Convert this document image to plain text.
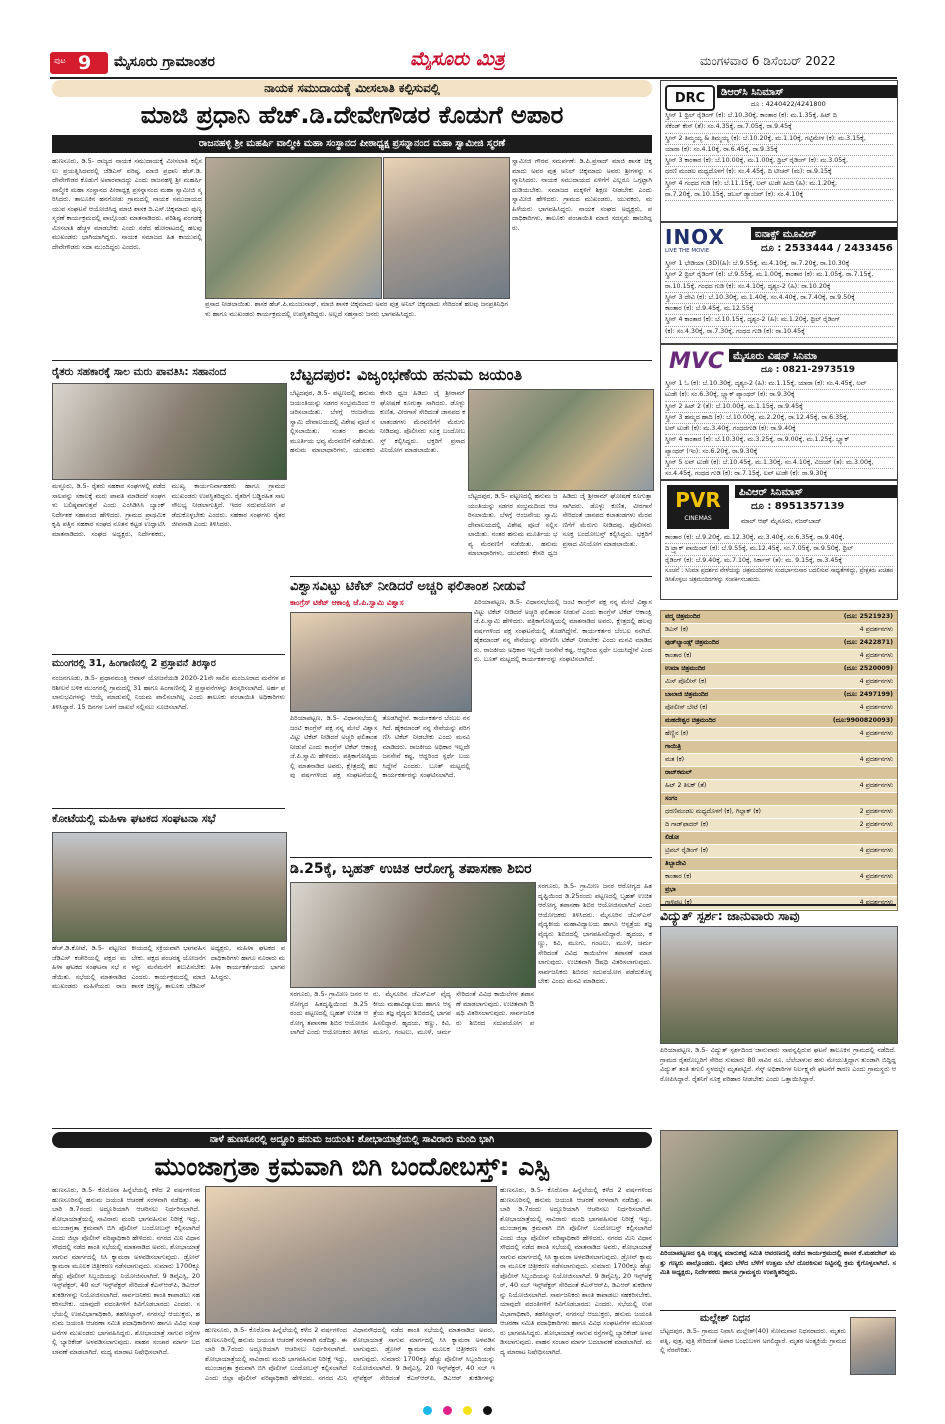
ಪುಟ 9 ಮೈಸೂರು ಗ್ರಾಮಾಂತರ	ಮೈಸೂರು ಮಿತ್ರ	ಮಂಗಳವಾರ 6 ಡಿಸೆಂಬರ್ 2022
ನಾಯಕ ಸಮುದಾಯಕ್ಕೆ ಮೀಸಲಾತಿ ಕಲ್ಪಿಸುವಲ್ಲಿ
ಮಾಜಿ ಪ್ರಧಾನಿ ಹೆಚ್.ಡಿ.ದೇವೇಗೌಡರ ಕೊಡುಗೆ ಅಪಾರ
ರಾಜನಹಳ್ಳಿ ಶ್ರೀ ಮಹರ್ಷಿ ವಾಲ್ಮೀಕಿ ಮಹಾ ಸಂಸ್ಥಾನದ ಪೀಠಾಧ್ಯಕ್ಷ ಪ್ರಸನ್ನಾನಂದ ಮಹಾ ಸ್ವಾಮೀಜಿ ಸ್ಮರಣೆ
ಹುಣಸೂರು, ಡಿ.5- ರಾಜ್ಯದ ನಾಯಕ ಸಮುದಾಯಕ್ಕೆ ಮೀಸಲಾತಿ ಕಲ್ಪಿಸಲು ಪ್ರಯತ್ನಿಸಿದವರಲ್ಲಿ ಜೆಡಿಎಸ್ ವರಿಷ್ಠ, ಮಾಜಿ ಪ್ರಧಾನಿ ಹೆಚ್.ಡಿ.ದೇವೇಗೌಡರ ಕೊಡುಗೆ ಅಪಾರವಾದದ್ದು ಎಂದು ರಾಜನಹಳ್ಳಿ ಶ್ರೀ ಮಹರ್ಷಿ ವಾಲ್ಮೀಕಿ ಮಹಾ ಸಂಸ್ಥಾನದ ಪೀಠಾಧ್ಯಕ್ಷ ಪ್ರಸನ್ನಾನಂದ ಮಹಾ ಸ್ವಾಮೀಜಿ ಸ್ಮರಿಸಿದರು. ತಾಲೂಕಿನ ಹನಗೋಡು ಗ್ರಾಮದಲ್ಲಿ ನಾಯಕ ಸಮುದಾಯದ ಯುವ ಸಂಘಟನೆ ಆಯೋಜಿಸಿದ್ದ ಮಾಜಿ ಶಾಸಕ ದಿ.ಎಸ್.ಚಿಕ್ಕಮಾದು ಪುಣ್ಯಸ್ಮರಣೆ ಕಾರ್ಯಕ್ರಮದಲ್ಲಿ ಪಾಲ್ಗೊಂಡು ಮಾತನಾಡಿದರು. ಪರಿಶಿಷ್ಟ ಪಂಗಡಕ್ಕೆ ಮೀಸಲಾತಿ ಹೆಚ್ಚಳ ಮಾಡಬೇಕು ಎಂದು ನಡೆದ ಹೋರಾಟದಲ್ಲಿ ಹಲವು ಮುಖಂಡರು ಭಾಗಿಯಾಗಿದ್ದರು. ನಾಯಕ ಸಮಾಜದ ಹಿತ ಕಾಯುವಲ್ಲಿ ದೇವೇಗೌಡರು ಸದಾ ಮುಂದಿದ್ದರು ಎಂದರು.
ಪ್ರಸಾದ ನೀಡಲಾಯಿತು. ಶಾಸಕ ಹೆಚ್.ಪಿ.ಮಂಜುನಾಥ್, ಮಾಜಿ ಶಾಸಕ ಚಿಕ್ಕಮಾದು ಅವರ ಪುತ್ರ ಅನಿಲ್ ಚಿಕ್ಕಮಾದು ಸೇರಿದಂತೆ ಹಲವು ಜನಪ್ರತಿನಿಧಿಗಳು ಹಾಗೂ ಮುಖಂಡರು ಕಾರ್ಯಕ್ರಮದಲ್ಲಿ ಉಪಸ್ಥಿತರಿದ್ದರು. ಅಲ್ಲದೆ ಸಹಸ್ರಾರು ಜನರು ಭಾಗವಹಿಸಿದ್ದರು.
ಸ್ವಾಮೀಜಿ ಗೌರವ ಸಮರ್ಪಣೆ: ಡಿ.ಪಿ.ಪ್ರಸಾದ್ ಮಾಜಿ ಶಾಸಕ ಚಿಕ್ಕಮಾದು ಅವರ ಪುತ್ರ ಅನಿಲ್ ಚಿಕ್ಕಮಾದು ಅವರು ಶ್ರೀಗಳನ್ನು ಸನ್ಮಾನಿಸಿದರು. ನಾಯಕ ಸಮುದಾಯದ ಏಳಿಗೆಗೆ ಎಲ್ಲರೂ ಒಗ್ಗಟ್ಟಾಗಿ ದುಡಿಯಬೇಕು. ಸಮಾಜದ ಮಕ್ಕಳಿಗೆ ಶಿಕ್ಷಣ ನೀಡಬೇಕು ಎಂದು ಸ್ವಾಮೀಜಿ ಹೇಳಿದರು. ಗ್ರಾಮದ ಮುಖಂಡರು, ಯುವಕರು, ಮಹಿಳೆಯರು ಭಾಗವಹಿಸಿದ್ದರು. ನಾಯಕ ಸಂಘದ ಅಧ್ಯಕ್ಷರು, ಪದಾಧಿಕಾರಿಗಳು, ತಾಲೂಕು ಪಂಚಾಯಿತಿ ಮಾಜಿ ಸದಸ್ಯರು ಹಾಜರಿದ್ದರು.
ರೈತರು ಸಹಕಾರಕ್ಕೆ ಸಾಲ ಮರು ಪಾವತಿಸಿ: ಸಹಾನಂದ
ಮಳ್ಳೂರು, ಡಿ.5- ರೈತರು ಸಹಕಾರ ಸಂಘಗಳಲ್ಲಿ ಪಡೆದ ಸಾಲವನ್ನು ಸಕಾಲಕ್ಕೆ ಮರು ಪಾವತಿ ಮಾಡಿದರೆ ಸಂಘಗಳು ಬಲಿಷ್ಠವಾಗುತ್ತವೆ ಎಂದು ಎಂಸಿಡಿಸಿಸಿ ಬ್ಯಾಂಕ್ ನಿರ್ದೇಶಕ ಸಹಾನಂದ ಹೇಳಿದರು. ಗ್ರಾಮದ ಪ್ರಾಥಮಿಕ ಕೃಷಿ ಪತ್ತಿನ ಸಹಕಾರ ಸಂಘದ ನೂತನ ಕಟ್ಟಡ ಉದ್ಘಾಟಿಸಿ ಮಾತನಾಡಿದರು. ಸಂಘದ ಅಧ್ಯಕ್ಷರು, ನಿರ್ದೇಶಕರು, ಮುಖ್ಯ ಕಾರ್ಯನಿರ್ವಾಹಕರು ಹಾಗೂ ಗ್ರಾಮದ ಮುಖಂಡರು ಉಪಸ್ಥಿತರಿದ್ದರು. ರೈತರಿಗೆ ಬಡ್ಡಿರಹಿತ ಸಾಲ ಸೌಲಭ್ಯ ನೀಡಲಾಗುತ್ತಿದೆ. ಇದರ ಸದುಪಯೋಗ ಪಡೆದುಕೊಳ್ಳಬೇಕು ಎಂದರು. ಸಹಕಾರ ಸಂಘಗಳು ರೈತರ ಜೀವನಾಡಿ ಎಂದು ತಿಳಿಸಿದರು.
ಬೆಟ್ಟದಪುರ: ವಿಜೃಂಭಣೆಯ ಹನುಮ ಜಯಂತಿ
ಬೆಟ್ಟದಪುರ, ಡಿ.5- ಪಟ್ಟಣದಲ್ಲಿ ಹನುಮ ಜಯಂತಿಯನ್ನು ಸಡಗರ ಸಂಭ್ರಮದಿಂದ ಆಚರಿಸಲಾಯಿತು. ಬೆಳಗ್ಗೆ ಆಂಜನೇಯ ಸ್ವಾಮಿ ದೇವಾಲಯದಲ್ಲಿ ವಿಶೇಷ ಪೂಜೆ ಸಲ್ಲಿಸಲಾಯಿತು. ನಂತರ ಹನುಮ ಮೂರ್ತಿಯ ಭವ್ಯ ಮೆರವಣಿಗೆ ನಡೆಯಿತು. ಹನುಮ ಮಾಲಾಧಾರಿಗಳು, ಯುವಕರು ಕೇಸರಿ ಧ್ವಜ ಹಿಡಿದು ಜೈ ಶ್ರೀರಾಮ್ ಘೋಷಣೆ ಕೂಗುತ್ತಾ ಸಾಗಿದರು. ಡೊಳ್ಳು ಕುಣಿತ, ವೀರಗಾಸೆ ಸೇರಿದಂತೆ ಜಾನಪದ ಕಲಾತಂಡಗಳು ಮೆರವಣಿಗೆಗೆ ಮೆರುಗು ನೀಡಿದವು. ಪೊಲೀಸರು ಸೂಕ್ತ ಬಂದೋಬಸ್ತ್ ಕಲ್ಪಿಸಿದ್ದರು. ಭಕ್ತರಿಗೆ ಪ್ರಸಾದ ವಿನಿಯೋಗ ಮಾಡಲಾಯಿತು.
ಬೆಟ್ಟದಪುರ, ಡಿ.5- ಪಟ್ಟಣದಲ್ಲಿ ಹನುಮ ಜಯಂತಿಯನ್ನು ಸಡಗರ ಸಂಭ್ರಮದಿಂದ ಆಚರಿಸಲಾಯಿತು. ಬೆಳಗ್ಗೆ ಆಂಜನೇಯ ಸ್ವಾಮಿ ದೇವಾಲಯದಲ್ಲಿ ವಿಶೇಷ ಪೂಜೆ ಸಲ್ಲಿಸಲಾಯಿತು. ನಂತರ ಹನುಮ ಮೂರ್ತಿಯ ಭವ್ಯ ಮೆರವಣಿಗೆ ನಡೆಯಿತು. ಹನುಮ ಮಾಲಾಧಾರಿಗಳು, ಯುವಕರು ಕೇಸರಿ ಧ್ವಜ ಹಿಡಿದು ಜೈ ಶ್ರೀರಾಮ್ ಘೋಷಣೆ ಕೂಗುತ್ತಾ ಸಾಗಿದರು. ಡೊಳ್ಳು ಕುಣಿತ, ವೀರಗಾಸೆ ಸೇರಿದಂತೆ ಜಾನಪದ ಕಲಾತಂಡಗಳು ಮೆರವಣಿಗೆಗೆ ಮೆರುಗು ನೀಡಿದವು. ಪೊಲೀಸರು ಸೂಕ್ತ ಬಂದೋಬಸ್ತ್ ಕಲ್ಪಿಸಿದ್ದರು. ಭಕ್ತರಿಗೆ ಪ್ರಸಾದ ವಿನಿಯೋಗ ಮಾಡಲಾಯಿತು.
ವಿಶ್ವಾಸವಿಟ್ಟು ಟಿಕೆಟ್ ನೀಡಿದರೆ ಅಚ್ಚರಿ ಫಲಿತಾಂಶ ನೀಡುವೆ
ಕಾಂಗ್ರೆಸ್ ಟಿಕೆಟ್ ಆಕಾಂಕ್ಷಿ ಜೆ.ಪಿ.ಸ್ವಾಮಿ ವಿಶ್ವಾಸ
ಪಿರಿಯಾಪಟ್ಟಣ, ಡಿ.5- ವಿಧಾನಸಭೆಯಲ್ಲಿ ಜಂಟಿ ಕಾಂಗ್ರೆಸ್ ಪಕ್ಷ ನನ್ನ ಮೇಲೆ ವಿಶ್ವಾಸವಿಟ್ಟು ಟಿಕೆಟ್ ನೀಡಿದರೆ ಅಚ್ಚರಿ ಫಲಿತಾಂಶ ನೀಡುವೆ ಎಂದು ಕಾಂಗ್ರೆಸ್ ಟಿಕೆಟ್ ಆಕಾಂಕ್ಷಿ ಜೆ.ಪಿ.ಸ್ವಾಮಿ ಹೇಳಿದರು. ಪತ್ರಿಕಾಗೋಷ್ಠಿಯಲ್ಲಿ ಮಾತನಾಡಿದ ಅವರು, ಕ್ಷೇತ್ರದಲ್ಲಿ ಹಲವು ವರ್ಷಗಳಿಂದ ಪಕ್ಷ ಸಂಘಟನೆಯಲ್ಲಿ ತೊಡಗಿದ್ದೇನೆ. ಕಾರ್ಯಕರ್ತರ ಬೆಂಬಲ ನನಗಿದೆ. ಹೈಕಮಾಂಡ್ ನನ್ನ ಸೇವೆಯನ್ನು ಪರಿಗಣಿಸಿ ಟಿಕೆಟ್ ನೀಡಬೇಕು ಎಂದು ಮನವಿ ಮಾಡಿದರು. ರಾಜಕೀಯ ಅಧಿಕಾರ ಇಲ್ಲದೇ ಜನಸೇವೆ ಕಷ್ಟ, ಆದ್ದರಿಂದ ಸ್ಪರ್ಧೆ ಬಯಸಿದ್ದೇನೆ ಎಂದರು. ಬೂತ್ ಮಟ್ಟದಲ್ಲಿ ಕಾರ್ಯಕರ್ತರನ್ನು ಸಂಘಟಿಸಲಾಗಿದೆ.
ಪಿರಿಯಾಪಟ್ಟಣ, ಡಿ.5- ವಿಧಾನಸಭೆಯಲ್ಲಿ ಜಂಟಿ ಕಾಂಗ್ರೆಸ್ ಪಕ್ಷ ನನ್ನ ಮೇಲೆ ವಿಶ್ವಾಸವಿಟ್ಟು ಟಿಕೆಟ್ ನೀಡಿದರೆ ಅಚ್ಚರಿ ಫಲಿತಾಂಶ ನೀಡುವೆ ಎಂದು ಕಾಂಗ್ರೆಸ್ ಟಿಕೆಟ್ ಆಕಾಂಕ್ಷಿ ಜೆ.ಪಿ.ಸ್ವಾಮಿ ಹೇಳಿದರು. ಪತ್ರಿಕಾಗೋಷ್ಠಿಯಲ್ಲಿ ಮಾತನಾಡಿದ ಅವರು, ಕ್ಷೇತ್ರದಲ್ಲಿ ಹಲವು ವರ್ಷಗಳಿಂದ ಪಕ್ಷ ಸಂಘಟನೆಯಲ್ಲಿ ತೊಡಗಿದ್ದೇನೆ. ಕಾರ್ಯಕರ್ತರ ಬೆಂಬಲ ನನಗಿದೆ. ಹೈಕಮಾಂಡ್ ನನ್ನ ಸೇವೆಯನ್ನು ಪರಿಗಣಿಸಿ ಟಿಕೆಟ್ ನೀಡಬೇಕು ಎಂದು ಮನವಿ ಮಾಡಿದರು. ರಾಜಕೀಯ ಅಧಿಕಾರ ಇಲ್ಲದೇ ಜನಸೇವೆ ಕಷ್ಟ, ಆದ್ದರಿಂದ ಸ್ಪರ್ಧೆ ಬಯಸಿದ್ದೇನೆ ಎಂದರು. ಬೂತ್ ಮಟ್ಟದಲ್ಲಿ ಕಾರ್ಯಕರ್ತರನ್ನು ಸಂಘಟಿಸಲಾಗಿದೆ.
ಮುಂಗರಲ್ಲಿ 31, ಹಿಂಗಾಣಿನಲ್ಲಿ 2 ಪ್ರಸ್ತಾವನೆ ತಿರಸ್ಕಾರ
ನಂಜನಗೂಡು, ಡಿ.5- ಪ್ರಧಾನಮಂತ್ರಿ ಆವಾಸ್ ಯೋಜನೆಯಡಿ 2020-21ನೇ ಸಾಲಿನ ಮಂಜೂರಾದ ಮನೆಗಳ ಪರಿಶೀಲನೆ ಬಳಿಕ ಮುಂಗರಲ್ಲಿ ಗ್ರಾಮದಲ್ಲಿ 31 ಹಾಗೂ ಹಿಂಗಾಣಿನಲ್ಲಿ 2 ಪ್ರಸ್ತಾವನೆಗಳನ್ನು ತಿರಸ್ಕರಿಸಲಾಗಿದೆ. ಅರ್ಹ ಫಲಾನುಭವಿಗಳನ್ನು ಆಯ್ಕೆ ಮಾಡುವಲ್ಲಿ ನಿಯಮ ಪಾಲಿಸಲಾಗಿಲ್ಲ ಎಂದು ತಾಲೂಕು ಪಂಚಾಯಿತಿ ಅಧಿಕಾರಿಗಳು ತಿಳಿಸಿದ್ದಾರೆ. 15 ದಿನಗಳ ಒಳಗೆ ದಾಖಲೆ ಸಲ್ಲಿಸಲು ಸೂಚಿಸಲಾಗಿದೆ.
ಕೋಟೆಯಲ್ಲಿ ಮಹಿಳಾ ಘಟಕದ ಸಂಘಟನಾ ಸಭೆ
ಹೆಚ್.ಡಿ.ಕೋಟೆ, ಡಿ.5- ಪಟ್ಟಣದ ಜೆಡಿಎಸ್ ಕಚೇರಿಯಲ್ಲಿ ಪಕ್ಷದ ಮಹಿಳಾ ಘಟಕದ ಸಂಘಟನಾ ಸಭೆ ನಡೆಯಿತು. ಸಭೆಯಲ್ಲಿ ಮಾತನಾಡಿದ ಮುಖಂಡರು ಮಹಿಳೆಯರು ರಾಜಕೀಯದಲ್ಲಿ ಸಕ್ರಿಯವಾಗಿ ಭಾಗವಹಿಸಬೇಕು. ಪಕ್ಷದ ಪಂಚರತ್ನ ಯೋಜನೆಗಳನ್ನು ಮನೆಮನೆಗೆ ತಲುಪಿಸಬೇಕು ಎಂದರು. ಕಾರ್ಯಕ್ರಮದಲ್ಲಿ ಮಾಜಿ ಶಾಸಕ ಚಿಕ್ಕಣ್ಣ, ತಾಲೂಕು ಜೆಡಿಎಸ್ ಅಧ್ಯಕ್ಷರು, ಮಹಿಳಾ ಘಟಕದ ಪದಾಧಿಕಾರಿಗಳು ಹಾಗೂ ನೂರಾರು ಮಹಿಳಾ ಕಾರ್ಯಕರ್ತೆಯರು ಭಾಗವಹಿಸಿದ್ದರು.
ಡಿ.25ಕ್ಕೆ, ಬೃಹತ್ ಉಚಿತ ಆರೋಗ್ಯ ತಪಾಸಣಾ ಶಿಬಿರ
ಸರಗೂರು, ಡಿ.5- ಗ್ರಾಮೀಣ ಜನರ ಆರೋಗ್ಯದ ಹಿತದೃಷ್ಟಿಯಿಂದ ಡಿ.25ರಂದು ಪಟ್ಟಣದಲ್ಲಿ ಬೃಹತ್ ಉಚಿತ ಆರೋಗ್ಯ ತಪಾಸಣಾ ಶಿಬಿರ ಆಯೋಜಿಸಲಾಗಿದೆ ಎಂದು ಆಯೋಜಕರು ತಿಳಿಸಿದರು. ಮೈಸೂರಿನ ಜೆಎಸ್‌ಎಸ್ ವೈದ್ಯಕೀಯ ಮಹಾವಿದ್ಯಾಲಯ ಹಾಗೂ ಆಸ್ಪತ್ರೆಯ ತಜ್ಞ ವೈದ್ಯರು ಶಿಬಿರದಲ್ಲಿ ಭಾಗವಹಿಸಲಿದ್ದಾರೆ. ಹೃದಯ, ಕಣ್ಣು, ಕಿವಿ, ಮೂಗು, ಗಂಟಲು, ಮೂಳೆ, ಚರ್ಮ ಸೇರಿದಂತೆ ವಿವಿಧ ಕಾಯಿಲೆಗಳ ತಪಾಸಣೆ ಮಾಡಲಾಗುವುದು. ಉಚಿತವಾಗಿ ಔಷಧಿ ವಿತರಿಸಲಾಗುವುದು. ಸಾರ್ವಜನಿಕರು ಶಿಬಿರದ ಸದುಪಯೋಗ ಪ
ಸರಗೂರು, ಡಿ.5- ಗ್ರಾಮೀಣ ಜನರ ಆರೋಗ್ಯದ ಹಿತದೃಷ್ಟಿಯಿಂದ ಡಿ.25ರಂದು ಪಟ್ಟಣದಲ್ಲಿ ಬೃಹತ್ ಉಚಿತ ಆರೋಗ್ಯ ತಪಾಸಣಾ ಶಿಬಿರ ಆಯೋಜಿಸಲಾಗಿದೆ ಎಂದು ಆಯೋಜಕರು ತಿಳಿಸಿದರು. ಮೈಸೂರಿನ ಜೆಎಸ್‌ಎಸ್ ವೈದ್ಯಕೀಯ ಮಹಾವಿದ್ಯಾಲಯ ಹಾಗೂ ಆಸ್ಪತ್ರೆಯ ತಜ್ಞ ವೈದ್ಯರು ಶಿಬಿರದಲ್ಲಿ ಭಾಗವಹಿಸಲಿದ್ದಾರೆ. ಹೃದಯ, ಕಣ್ಣು, ಕಿವಿ, ಮೂಗು, ಗಂಟಲು, ಮೂಳೆ, ಚರ್ಮ ಸೇರಿದಂತೆ ವಿವಿಧ ಕಾಯಿಲೆಗಳ ತಪಾಸಣೆ ಮಾಡಲಾಗುವುದು. ಉಚಿತವಾಗಿ ಔಷಧಿ ವಿತರಿಸಲಾಗುವುದು. ಸಾರ್ವಜನಿಕರು ಶಿಬಿರದ ಸದುಪಯೋಗ ಪಡೆದುಕೊಳ್ಳಬೇಕು ಎಂದು ಮನವಿ ಮಾಡಿದರು.
DRC	ಡಿಆರ್‌ಸಿ ಸಿನಿಮಾಸ್
ದೂ : 4240422/4241800
ಸ್ಕ್ರೀನ್ 1 ಥ್ರಿಲ್ ರೈಡಿಂಗ್ (ಕ): ಬೆ.10.30ಕ್ಕೆ, ಕಾಂತಾರ (ಕ): ಮ.1.35ಕ್ಕೆ, ಹಿಟ್ ದಿ
ಸೆಕೆಂಡ್ ಕೇಸ್ (ತೆ): ಸಂ.4.35ಕ್ಕೆ, ರಾ.7.05ಕ್ಕೆ, ರಾ.9.45ಕ್ಕೆ
ಸ್ಕ್ರೀನ್ 2 ತಿಮ್ಮಯ್ಯ & ತಿಮ್ಮಯ್ಯ (ಕ): ಬೆ.10.20ಕ್ಕೆ, ಮ.1.10ಕ್ಕೆ, ಗಟ್ಟಿಮೇಳ (ಕ): ಮ.3.15ಕ್ಕೆ,
ಯಾರಾ (ಕ): ಸಂ.4.10ಕ್ಕೆ, ರಾ.6.45ಕ್ಕೆ, ರಾ.9.35ಕ್ಕೆ
ಸ್ಕ್ರೀನ್ 3 ಕಾಂತಾರ (ಕ): ಬೆ.10.00ಕ್ಕೆ, ಮ.1.00ಕ್ಕೆ, ಥ್ರಿಲ್ ರೈಡಿಂಗ್ (ಕ): ಮ.3.05ಕ್ಕೆ,
ಧರಣಿ ಮಂಡಲ ಮಧ್ಯದೊಳಗೆ (ಕ): ಸಂ.4.45ಕ್ಕೆ, ದಿ ಟೀಚರ್ (ಮ): ರಾ.9.15ಕ್ಕೆ
ಸ್ಕ್ರೀನ್ 4 ಗಂಧದ ಗುಡಿ (ಕ): ಬೆ.11.15ಕ್ಕೆ, ಲವ್ ಟುಡೇ ಹಿಂದಿ (ಹಿ): ಮ.1.20ಕ್ಕೆ,
ರಾ.7.20ಕ್ಕೆ, ರಾ.10.15ಕ್ಕೆ, ಡಬಲ್ ಡ್ಯಾಂಜರ್ (ಕ): ಸಂ.4.10ಕ್ಕೆ
INOX
LIVE THE MOVIE
ಐನಾಕ್ಸ್ ಮೂವೀಸ್
ದೂ : 2533444 / 2433456
ಸ್ಕ್ರೀನ್ 1 ಭೇಡಿಯಾ (3D)(ಹಿ): ಬೆ.9.55ಕ್ಕೆ, ಮ.4.10ಕ್ಕೆ, ರಾ.7.20ಕ್ಕೆ, ರಾ.10.30ಕ್ಕೆ
ಸ್ಕ್ರೀನ್ 2 ಥ್ರಿಲ್ ರೈಡಿಂಗ್ (ಕ): ಬೆ.9.55ಕ್ಕೆ, ಮ.1.00ಕ್ಕೆ, ಕಾಂತಾರ (ಕ): ಮ.1.05ಕ್ಕೆ, ರಾ.7.15ಕ್ಕೆ,
ರಾ.10.15ಕ್ಕೆ, ಗಂಧದ ಗುಡಿ (ಕ): ಸಂ.4.10ಕ್ಕೆ, ದೃಶ್ಯಂ-2 (ಹಿ): ರಾ.10.20ಕ್ಕೆ
ಸ್ಕ್ರೀನ್ 3 ದೇವಿ (ಕ): ಬೆ.10.30ಕ್ಕೆ, ಮ.1.40ಕ್ಕೆ, ಸಂ.4.40ಕ್ಕೆ, ರಾ.7.40ಕ್ಕೆ, ರಾ.9.50ಕ್ಕೆ
ಕಾಂತಾರ (ಕ): ಬೆ.9.45ಕ್ಕೆ, ಮ.12.55ಕ್ಕೆ
ಸ್ಕ್ರೀನ್ 4 ಕಾಂತಾರ (ಕ): ಬೆ.10.15ಕ್ಕೆ, ದೃಶ್ಯಂ-2 (ಹಿ): ಮ.1.20ಕ್ಕೆ, ಥ್ರಿಲ್ ರೈಡಿಂಗ್
(ಕ): ಸಂ.4.30ಕ್ಕೆ, ರಾ.7.30ಕ್ಕೆ, ಗಂಧದ ಗುಡಿ (ಕ): ರಾ.10.45ಕ್ಕೆ
MVC ಮೈಸೂರು ವಿಷನ್ ಸಿನಿಮಾ
ದೂ : 0821-2973519
ಸ್ಕ್ರೀನ್ 1 ಓ (ಕ): ಬೆ.10.30ಕ್ಕೆ, ದೃಶ್ಯಂ-2 (ಹಿ): ಮ.1.15ಕ್ಕೆ, ಯಾರಾ (ಕ): ಸಂ.4.45ಕ್ಕೆ, ಲವ್
ಟುಡೇ (ಕ): ಸಂ.6.30ಕ್ಕೆ, ಬ್ಲ್ಯಾಕ್ ಪ್ಯಾಂಥರ್ (ಕ): ರಾ.9.30ಕ್ಕೆ
ಸ್ಕ್ರೀನ್ 2 ಹಿಟ್ 2 (ತೆ): ಬೆ.10.00ಕ್ಕೆ, ಮ.1.15ಕ್ಕೆ, ರಾ.9.45ಕ್ಕೆ
ಸ್ಕ್ರೀನ್ 3 ಹಮ್ಮದ ಹಾದಿ (ಕ): ಬೆ.10.00ಕ್ಕೆ, ಮ.2.20ಕ್ಕೆ, ರಾ.12.45ಕ್ಕೆ, ರಾ.6.35ಕ್ಕೆ,
ಲವ್ ಟುಡೇ (ಕ): ಮ.3.40ಕ್ಕೆ, ಗಂಧದಗುಡಿ (ಕ): ರಾ.9.40ಕ್ಕೆ
ಸ್ಕ್ರೀನ್ 4 ಕಾಂತಾರ (ಕ): ಬೆ.10.30ಕ್ಕೆ, ಮ.3.25ಕ್ಕೆ, ರಾ.9.00ಕ್ಕೆ, ಮ.1.25ಕ್ಕೆ, ಬ್ಲ್ಯಾಕ್
ಪ್ಯಾಂಥರ್ (ಇಂ): ಸಂ.6.20ಕ್ಕೆ, ರಾ.9.30ಕ್ಕೆ
ಸ್ಕ್ರೀನ್ 5 ಲವ್ ಟುಡೇ (ಕ): ಬೆ.10.45ಕ್ಕೆ, ಮ.1.30ಕ್ಕೆ, ಸಂ.4.10ಕ್ಕೆ, ವಿಜಯ್ (ತ): ಮ.3.00ಕ್ಕೆ,
ಸಂ.4.45ಕ್ಕೆ, ಗಂಧದ ಗುಡಿ (ಕ): ರಾ.7.15ಕ್ಕೆ, ಲವ್ ಟುಡೇ (ಕ): ರಾ.9.30ಕ್ಕೆ
PVR
CINEMAS
ಪಿವಿಆರ್ ಸಿನಿಮಾಸ್
ದೂ : 8951357139
ಮಾಲ್ ಆಫ್ ಮೈಸೂರು, ನಜರ್‌ಬಾದ್
ಕಾಂತಾರ (ಕ): ಬೆ.9.20ಕ್ಕೆ, ಮ.12.30ಕ್ಕೆ, ಮ.3.40ಕ್ಕೆ, ಸಂ.6.35ಕ್ಕೆ, ರಾ.9.40ಕ್ಕೆ,
ದಿ ಟ್ರ್ಯಾಕ್ ಪಾಯಿಂಟ್ (ಕ): ಬೆ.9.55ಕ್ಕೆ, ಮ.12.45ಕ್ಕೆ, ಸಂ.7.05ಕ್ಕೆ, ರಾ.9.50ಕ್ಕೆ, ಥ್ರಿಲ್
ರೈಡಿಂಗ್ (ಕ): ಬೆ.9.40ಕ್ಕೆ, ಮ.7.10ಕ್ಕೆ, ಸಿರ್ಕಾರ್ (ತ): ಮ. 9.15ಕ್ಕೆ, ರಾ.3.45ಕ್ಕೆ
ಸೂಚನೆ : ಸಿನಿಮಾ ಪ್ರದರ್ಶನ ವೇಳೆಯನ್ನು ಚಿತ್ರಮಂದಿರಗಳು ಸಂದರ್ಭಾನುಸಾರ ಬದಲಿಸುವ ಸಾಧ್ಯತೆಗಳಿದ್ದು, ಪ್ರೇಕ್ಷಕರು ಖಚಿತಪಡಿಸಿಕೊಳ್ಳಲು ಚಿತ್ರಮಂದಿರಗಳನ್ನು ಸಂಪರ್ಕಿಸಬಹುದು.
ಪದ್ಮ ಚಿತ್ರಮಂದಿರ	(ದೂ: 2521923)
ಡಿಎಸ್ (ಕ)	4 ಪ್ರದರ್ಶನಗಳು
ವುಡ್‌ಲ್ಯಾಂಡ್ಸ್ ಚಿತ್ರಮಂದಿರ	(ದೂ: 2422871)
ಕಾಂತಾರ (ಕ)	4 ಪ್ರದರ್ಶನಗಳು
ಉಮಾ ಚಿತ್ರಮಂದಿರ	(ದೂ: 2520009)
ಮಿಸ್ ಪೊಲೀಸ್ (ಕ)	4 ಪ್ರದರ್ಶನಗಳು
ಬಾಲಾಜಿ ಚಿತ್ರಮಂದಿರ	(ದೂ: 2497199)
ಪೋಲೀಸ್ ಬೇಟೆ (ಕ)	4 ಪ್ರದರ್ಶನಗಳು
ಮಹದೇಶ್ವರ ಚಿತ್ರಮಂದಿರ	(ದೂ:9900820093)
ಹೆಣ್ಣಿನ (ಕ)	4 ಪ್ರದರ್ಶನಗಳು
ಗಾಯಿತ್ರಿ
ಮತ (ಕ)	4 ಪ್ರದರ್ಶನಗಳು
ರಾಜ್‌ಕಮಲ್
ಹಿಟ್ 2 ತಿಲಕ್ (ತೆ)	4 ಪ್ರದರ್ಶನಗಳು
ಸಂಗಂ
ಧರಣಿಮಂಡಲ ಮಧ್ಯದೊಳಗೆ (ಕ), ಗಿಲ್ಲಾಕ್ (ಕ)	2 ಪ್ರದರ್ಶನಗಳು
ದಿ ಗಾಡ್‌ಫಾದರ್ (ಕ)	2 ಪ್ರದರ್ಶನಗಳು
ಲಿಡೋ
ಟ್ರಿಪಲ್ ರೈಡಿಂಗ್ (ಕ)	4 ಪ್ರದರ್ಶನಗಳು
ತಿಬ್ಬಾದೇವಿ
ಕಾಂತಾರ (ಕ)	4 ಪ್ರದರ್ಶನಗಳು
ಪ್ರಭಾ
ಗಾಳಿಪಟ (ಕ)	4 ಪ್ರದರ್ಶನಗಳು
ವಿದ್ಯುತ್ ಸ್ಪರ್ಶ: ಜಾನುವಾರು ಸಾವು
ಪಿರಿಯಾಪಟ್ಟಣ, ಡಿ.5- ವಿದ್ಯುತ್ ಸ್ಪರ್ಶದಿಂದ ಜಾನುವಾರು ಸಾವನ್ನಪ್ಪಿರುವ ಘಟನೆ ತಾಲೂಕಿನ ಗ್ರಾಮದಲ್ಲಿ ನಡೆದಿದೆ. ಗ್ರಾಮದ ರೈತರೊಬ್ಬರಿಗೆ ಸೇರಿದ ಸುಮಾರು 80 ಸಾವಿರ ರೂ. ಬೆಲೆಬಾಳುವ ಹಸು ಮೇಯುತ್ತಿದ್ದಾಗ ತುಂಡಾಗಿ ಬಿದ್ದಿದ್ದ ವಿದ್ಯುತ್ ತಂತಿ ತಗುಲಿ ಸ್ಥಳದಲ್ಲೇ ಮೃತಪಟ್ಟಿದೆ. ಸೆಸ್ಕ್ ಅಧಿಕಾರಿಗಳ ನಿರ್ಲಕ್ಷ್ಯವೇ ಘಟನೆಗೆ ಕಾರಣ ಎಂದು ಗ್ರಾಮಸ್ಥರು ಆರೋಪಿಸಿದ್ದಾರೆ. ರೈತನಿಗೆ ಸೂಕ್ತ ಪರಿಹಾರ ನೀಡಬೇಕು ಎಂದು ಒತ್ತಾಯಿಸಿದ್ದಾರೆ.
ಪಿರಿಯಾಪಟ್ಟಣದ ಕೃಷಿ ಉತ್ಪನ್ನ ಮಾರುಕಟ್ಟೆ ಸಮಿತಿ ಆವರಣದಲ್ಲಿ ನಡೆದ ಕಾರ್ಯಕ್ರಮದಲ್ಲಿ ಶಾಸಕ ಕೆ.ಮಹದೇವ್ ಮತ್ತು ಗಣ್ಯರು ಪಾಲ್ಗೊಂಡರು. ರೈತರು ಬೆಳೆದ ಬೆಳೆಗೆ ಉತ್ತಮ ಬೆಲೆ ದೊರಕಿಸುವ ನಿಟ್ಟಿನಲ್ಲಿ ಕ್ರಮ ಕೈಗೊಳ್ಳಲಾಗಿದೆ. ಸಮಿತಿ ಅಧ್ಯಕ್ಷರು, ನಿರ್ದೇಶಕರು ಹಾಗೂ ಗ್ರಾಮಸ್ಥರು ಉಪಸ್ಥಿತರಿದ್ದರು.
ಮಲ್ಲೇಶ್ ನಿಧನ
ಬೆಟ್ಟದಪುರ, ಡಿ.5- ಗ್ರಾಮದ ನಿವಾಸಿ ಮಲ್ಲೇಶ್(40) ಸೋಮವಾರ ನಿಧನರಾದರು. ಮೃತರು ಪತ್ನಿ, ಪುತ್ರ, ಪುತ್ರಿ ಸೇರಿದಂತೆ ಅಪಾರ ಬಂಧುಬಳಗ ಅಗಲಿದ್ದಾರೆ. ಮೃತರ ಅಂತ್ಯಕ್ರಿಯೆ ಗ್ರಾಮದಲ್ಲಿ ನೆರವೇರಿತು.
ನಾಳೆ ಹುಣಸೂರಲ್ಲಿ ಅದ್ದೂರಿ ಹನುಮ ಜಯಂತಿ: ಶೋಭಾಯಾತ್ರೆಯಲ್ಲಿ ಸಾವಿರಾರು ಮಂದಿ ಭಾಗಿ
ಮುಂಜಾಗ್ರತಾ ಕ್ರಮವಾಗಿ ಬಿಗಿ ಬಂದೋಬಸ್ತ್: ಎಸ್ಪಿ
ಹುಣಸೂರು, ಡಿ.5- ಕೊರೊನಾ ಹಿನ್ನೆಲೆಯಲ್ಲಿ ಕಳೆದ 2 ವರ್ಷಗಳಿಂದ ಹುಣಸೂರಿನಲ್ಲಿ ಹನುಮ ಜಯಂತಿ ಆಚರಣೆ ಸರಳವಾಗಿ ನಡೆದಿತ್ತು. ಈ ಬಾರಿ ಡಿ.7ರಂದು ಅದ್ದೂರಿಯಾಗಿ ಆಚರಿಸಲು ನಿರ್ಧರಿಸಲಾಗಿದೆ. ಶೋಭಾಯಾತ್ರೆಯಲ್ಲಿ ಸಾವಿರಾರು ಮಂದಿ ಭಾಗವಹಿಸುವ ನಿರೀಕ್ಷೆ ಇದ್ದು, ಮುಂಜಾಗ್ರತಾ ಕ್ರಮವಾಗಿ ಬಿಗಿ ಪೊಲೀಸ್ ಬಂದೋಬಸ್ತ್ ಕಲ್ಪಿಸಲಾಗಿದೆ ಎಂದು ಜಿಲ್ಲಾ ಪೊಲೀಸ್ ವರಿಷ್ಠಾಧಿಕಾರಿ ಹೇಳಿದರು. ನಗರದ ಮಿನಿ ವಿಧಾನಸೌಧದಲ್ಲಿ ನಡೆದ ಶಾಂತಿ ಸಭೆಯಲ್ಲಿ ಮಾತನಾಡಿದ ಅವರು, ಶೋಭಾಯಾತ್ರೆ ಸಾಗುವ ಮಾರ್ಗದಲ್ಲಿ ಸಿಸಿ ಕ್ಯಾಮರಾ ಅಳವಡಿಸಲಾಗುವುದು. ಡ್ರೋನ್ ಕ್ಯಾಮರಾ ಮೂಲಕ ಚಿತ್ರೀಕರಣ ನಡೆಸಲಾಗುವುದು. ಸುಮಾರು 1700ಕ್ಕೂ ಹೆಚ್ಚು ಪೊಲೀಸ್ ಸಿಬ್ಬಂದಿಯನ್ನು ನಿಯೋಜಿಸಲಾಗಿದೆ. 9 ಡಿವೈಎಸ್ಪಿ, 20 ಇನ್ಸ್‌ಪೆಕ್ಟರ್, 40 ಸಬ್ ಇನ್ಸ್‌ಪೆಕ್ಟರ್ ಸೇರಿದಂತೆ ಕೆಎಸ್‌ಆರ್‌ಪಿ, ಡಿಎಆರ್ ತುಕಡಿಗಳನ್ನು ನಿಯೋಜಿಸಲಾಗಿದೆ. ಸಾರ್ವಜನಿಕರು ಶಾಂತಿ ಕಾಪಾಡಲು ಸಹಕರಿಸಬೇಕು. ಯಾವುದೇ ವದಂತಿಗಳಿಗೆ ಕಿವಿಗೊಡಬಾರದು ಎಂದರು. ಸಭೆಯಲ್ಲಿ ಉಪವಿಭಾಗಾಧಿಕಾರಿ, ತಹಸೀಲ್ದಾರ್, ನಗರಸಭೆ ಆಯುಕ್ತರು, ಹನುಮ ಜಯಂತಿ ಆಚರಣಾ ಸಮಿತಿ ಪದಾಧಿಕಾರಿಗಳು ಹಾಗೂ ವಿವಿಧ ಸಂಘಟನೆಗಳ ಮುಖಂಡರು ಭಾಗವಹಿಸಿದ್ದರು. ಶೋಭಾಯಾತ್ರೆ ಸಾಗುವ ರಸ್ತೆಗಳಲ್ಲಿ ಬ್ಯಾರಿಕೇಡ್ ಅಳವಡಿಸಲಾಗುವುದು. ವಾಹನ ಸಂಚಾರ ಮಾರ್ಗ ಬದಲಾವಣೆ ಮಾಡಲಾಗಿದೆ. ಮದ್ಯ ಮಾರಾಟ ನಿಷೇಧಿಸಲಾಗಿದೆ.
ಹುಣಸೂರು, ಡಿ.5- ಕೊರೊನಾ ಹಿನ್ನೆಲೆಯಲ್ಲಿ ಕಳೆದ 2 ವರ್ಷಗಳಿಂದ ಹುಣಸೂರಿನಲ್ಲಿ ಹನುಮ ಜಯಂತಿ ಆಚರಣೆ ಸರಳವಾಗಿ ನಡೆದಿತ್ತು. ಈ ಬಾರಿ ಡಿ.7ರಂದು ಅದ್ದೂರಿಯಾಗಿ ಆಚರಿಸಲು ನಿರ್ಧರಿಸಲಾಗಿದೆ. ಶೋಭಾಯಾತ್ರೆಯಲ್ಲಿ ಸಾವಿರಾರು ಮಂದಿ ಭಾಗವಹಿಸುವ ನಿರೀಕ್ಷೆ ಇದ್ದು, ಮುಂಜಾಗ್ರತಾ ಕ್ರಮವಾಗಿ ಬಿಗಿ ಪೊಲೀಸ್ ಬಂದೋಬಸ್ತ್ ಕಲ್ಪಿಸಲಾಗಿದೆ ಎಂದು ಜಿಲ್ಲಾ ಪೊಲೀಸ್ ವರಿಷ್ಠಾಧಿಕಾರಿ ಹೇಳಿದರು. ನಗರದ ಮಿನಿ ವಿಧಾನಸೌಧದಲ್ಲಿ ನಡೆದ ಶಾಂತಿ ಸಭೆಯಲ್ಲಿ ಮಾತನಾಡಿದ ಅವರು, ಶೋಭಾಯಾತ್ರೆ ಸಾಗುವ ಮಾರ್ಗದಲ್ಲಿ ಸಿಸಿ ಕ್ಯಾಮರಾ ಅಳವಡಿಸಲಾಗುವುದು. ಡ್ರೋನ್ ಕ್ಯಾಮರಾ ಮೂಲಕ ಚಿತ್ರೀಕರಣ ನಡೆಸಲಾಗುವುದು. ಸುಮಾರು 1700ಕ್ಕೂ ಹೆಚ್ಚು ಪೊಲೀಸ್ ಸಿಬ್ಬಂದಿಯನ್ನು ನಿಯೋಜಿಸಲಾಗಿದೆ. 9 ಡಿವೈಎಸ್ಪಿ, 20 ಇನ್ಸ್‌ಪೆಕ್ಟರ್, 40 ಸಬ್ ಇನ್ಸ್‌ಪೆಕ್ಟರ್ ಸೇರಿದಂತೆ ಕೆಎಸ್‌ಆರ್‌ಪಿ, ಡಿಎಆರ್ ತುಕಡಿಗಳನ್ನು
ಹುಣಸೂರು, ಡಿ.5- ಕೊರೊನಾ ಹಿನ್ನೆಲೆಯಲ್ಲಿ ಕಳೆದ 2 ವರ್ಷಗಳಿಂದ ಹುಣಸೂರಿನಲ್ಲಿ ಹನುಮ ಜಯಂತಿ ಆಚರಣೆ ಸರಳವಾಗಿ ನಡೆದಿತ್ತು. ಈ ಬಾರಿ ಡಿ.7ರಂದು ಅದ್ದೂರಿಯಾಗಿ ಆಚರಿಸಲು ನಿರ್ಧರಿಸಲಾಗಿದೆ. ಶೋಭಾಯಾತ್ರೆಯಲ್ಲಿ ಸಾವಿರಾರು ಮಂದಿ ಭಾಗವಹಿಸುವ ನಿರೀಕ್ಷೆ ಇದ್ದು, ಮುಂಜಾಗ್ರತಾ ಕ್ರಮವಾಗಿ ಬಿಗಿ ಪೊಲೀಸ್ ಬಂದೋಬಸ್ತ್ ಕಲ್ಪಿಸಲಾಗಿದೆ ಎಂದು ಜಿಲ್ಲಾ ಪೊಲೀಸ್ ವರಿಷ್ಠಾಧಿಕಾರಿ ಹೇಳಿದರು. ನಗರದ ಮಿನಿ ವಿಧಾನಸೌಧದಲ್ಲಿ ನಡೆದ ಶಾಂತಿ ಸಭೆಯಲ್ಲಿ ಮಾತನಾಡಿದ ಅವರು, ಶೋಭಾಯಾತ್ರೆ ಸಾಗುವ ಮಾರ್ಗದಲ್ಲಿ ಸಿಸಿ ಕ್ಯಾಮರಾ ಅಳವಡಿಸಲಾಗುವುದು. ಡ್ರೋನ್ ಕ್ಯಾಮರಾ ಮೂಲಕ ಚಿತ್ರೀಕರಣ ನಡೆಸಲಾಗುವುದು. ಸುಮಾರು 1700ಕ್ಕೂ ಹೆಚ್ಚು ಪೊಲೀಸ್ ಸಿಬ್ಬಂದಿಯನ್ನು ನಿಯೋಜಿಸಲಾಗಿದೆ. 9 ಡಿವೈಎಸ್ಪಿ, 20 ಇನ್ಸ್‌ಪೆಕ್ಟರ್, 40 ಸಬ್ ಇನ್ಸ್‌ಪೆಕ್ಟರ್ ಸೇರಿದಂತೆ ಕೆಎಸ್‌ಆರ್‌ಪಿ, ಡಿಎಆರ್ ತುಕಡಿಗಳನ್ನು ನಿಯೋಜಿಸಲಾಗಿದೆ. ಸಾರ್ವಜನಿಕರು ಶಾಂತಿ ಕಾಪಾಡಲು ಸಹಕರಿಸಬೇಕು. ಯಾವುದೇ ವದಂತಿಗಳಿಗೆ ಕಿವಿಗೊಡಬಾರದು ಎಂದರು. ಸಭೆಯಲ್ಲಿ ಉಪವಿಭಾಗಾಧಿಕಾರಿ, ತಹಸೀಲ್ದಾರ್, ನಗರಸಭೆ ಆಯುಕ್ತರು, ಹನುಮ ಜಯಂತಿ ಆಚರಣಾ ಸಮಿತಿ ಪದಾಧಿಕಾರಿಗಳು ಹಾಗೂ ವಿವಿಧ ಸಂಘಟನೆಗಳ ಮುಖಂಡರು ಭಾಗವಹಿಸಿದ್ದರು. ಶೋಭಾಯಾತ್ರೆ ಸಾಗುವ ರಸ್ತೆಗಳಲ್ಲಿ ಬ್ಯಾರಿಕೇಡ್ ಅಳವಡಿಸಲಾಗುವುದು. ವಾಹನ ಸಂಚಾರ ಮಾರ್ಗ ಬದಲಾವಣೆ ಮಾಡಲಾಗಿದೆ. ಮದ್ಯ ಮಾರಾಟ ನಿಷೇಧಿಸಲಾಗಿದೆ.
